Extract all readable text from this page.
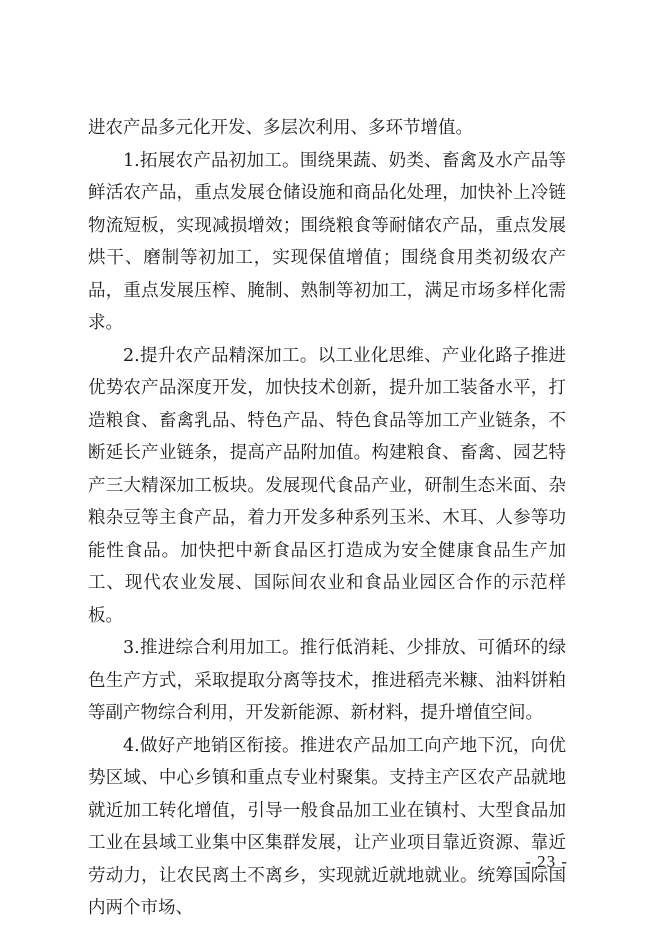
进农产品多元化开发、多层次利用、多环节增值。

1.拓展农产品初加工。围绕果蔬、奶类、畜禽及水产品等鲜活农产品，重点发展仓储设施和商品化处理，加快补上冷链物流短板，实现减损增效；围绕粮食等耐储农产品，重点发展烘干、磨制等初加工，实现保值增值；围绕食用类初级农产品，重点发展压榨、腌制、熟制等初加工，满足市场多样化需求。

2.提升农产品精深加工。以工业化思维、产业化路子推进优势农产品深度开发，加快技术创新，提升加工装备水平，打造粮食、畜禽乳品、特色产品、特色食品等加工产业链条，不断延长产业链条，提高产品附加值。构建粮食、畜禽、园艺特产三大精深加工板块。发展现代食品产业，研制生态米面、杂粮杂豆等主食产品，着力开发多种系列玉米、木耳、人参等功能性食品。加快把中新食品区打造成为安全健康食品生产加工、现代农业发展、国际间农业和食品业园区合作的示范样板。

3.推进综合利用加工。推行低消耗、少排放、可循环的绿色生产方式，采取提取分离等技术，推进稻壳米糠、油料饼粕等副产物综合利用，开发新能源、新材料，提升增值空间。

4.做好产地销区衔接。推进农产品加工向产地下沉，向优势区域、中心乡镇和重点专业村聚集。支持主产区农产品就地就近加工转化增值，引导一般食品加工业在镇村、大型食品加工业在县域工业集中区集群发展，让产业项目靠近资源、靠近劳动力，让农民离土不离乡，实现就近就地就业。统筹国际国内两个市场、

- 23 -
